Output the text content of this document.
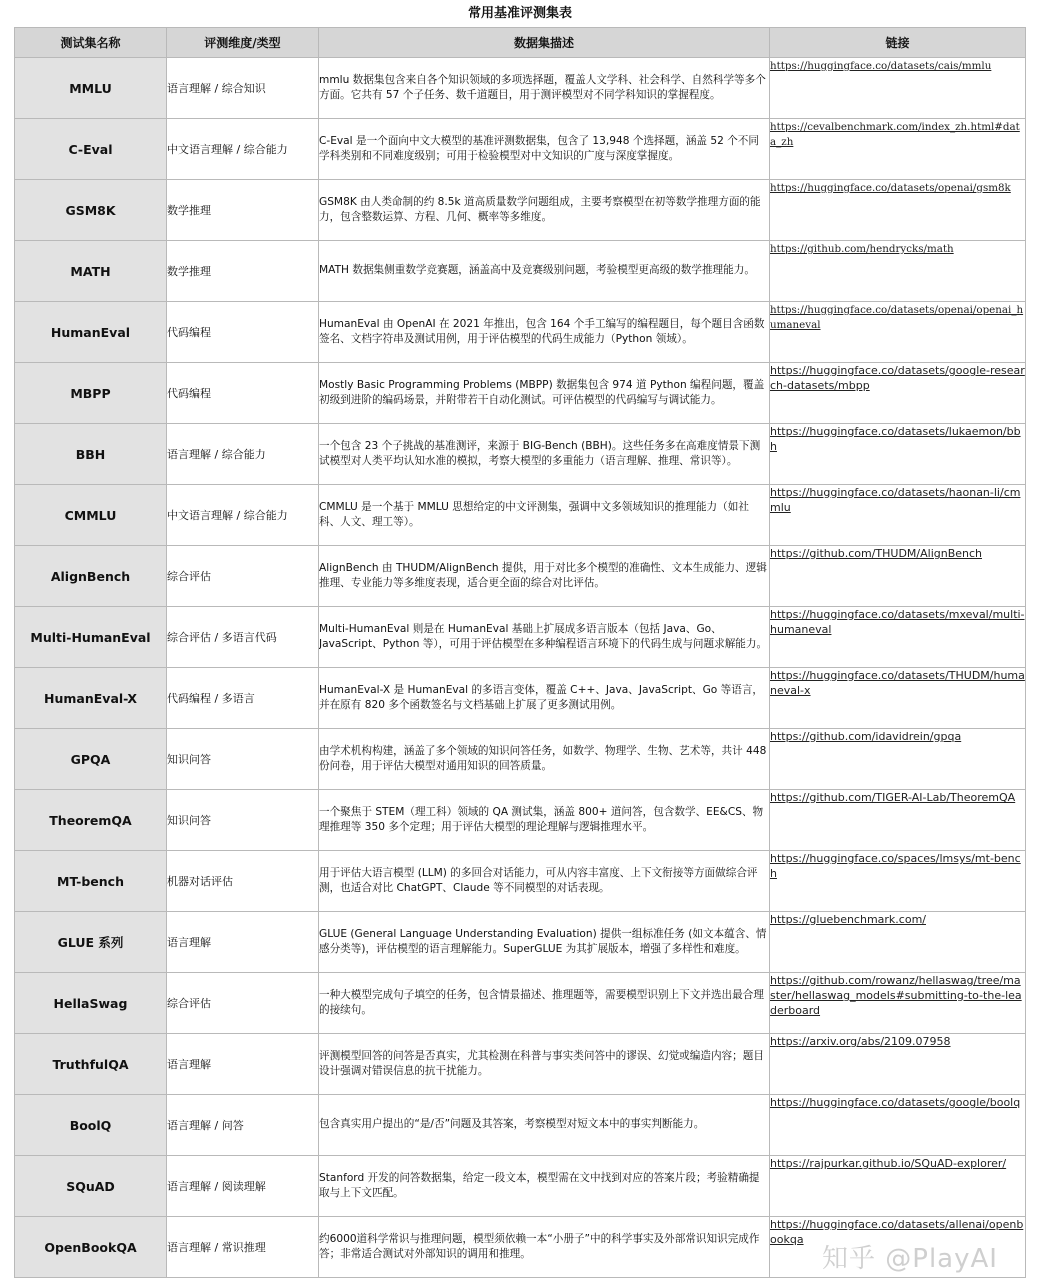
常用基准评测集表
测试集名称	评测维度/类型	数据集描述	链接
MMLU	语言理解 / 综合知识	mmlu 数据集包含来自各个知识领域的多项选择题，覆盖人文学科、社会科学、自然科学等多个方面。它共有 57 个子任务、数千道题目，用于测评模型对不同学科知识的掌握程度。	https://huggingface.co/datasets/cais/mmlu
C-Eval	中文语言理解 / 综合能力	C-Eval 是一个面向中文大模型的基准评测数据集，包含了 13,948 个选择题，涵盖 52 个不同学科类别和不同难度级别；可用于检验模型对中文知识的广度与深度掌握度。	https://cevalbenchmark.com/index_zh.html#data_zh
GSM8K	数学推理	GSM8K 由人类命制的约 8.5k 道高质量数学问题组成，主要考察模型在初等数学推理方面的能力，包含整数运算、方程、几何、概率等多维度。	https://huggingface.co/datasets/openai/gsm8k
MATH	数学推理	MATH 数据集侧重数学竞赛题，涵盖高中及竞赛级别问题，考验模型更高级的数学推理能力。	https://github.com/hendrycks/math
HumanEval	代码编程	HumanEval 由 OpenAI 在 2021 年推出，包含 164 个手工编写的编程题目，每个题目含函数签名、文档字符串及测试用例，用于评估模型的代码生成能力（Python 领域）。	https://huggingface.co/datasets/openai/openai_humaneval
MBPP	代码编程	Mostly Basic Programming Problems (MBPP) 数据集包含 974 道 Python 编程问题，覆盖初级到进阶的编码场景，并附带若干自动化测试。可评估模型的代码编写与调试能力。	https://huggingface.co/datasets/google-research-datasets/mbpp
BBH	语言理解 / 综合能力	一个包含 23 个子挑战的基准测评，来源于 BIG-Bench (BBH)。这些任务多在高难度情景下测试模型对人类平均认知水准的模拟，考察大模型的多重能力（语言理解、推理、常识等）。	https://huggingface.co/datasets/lukaemon/bbh
CMMLU	中文语言理解 / 综合能力	CMMLU 是一个基于 MMLU 思想给定的中文评测集，强调中文多领域知识的推理能力（如社科、人文、理工等）。	https://huggingface.co/datasets/haonan-li/cmmlu
AlignBench	综合评估	AlignBench 由 THUDM/AlignBench 提供，用于对比多个模型的准确性、文本生成能力、逻辑推理、专业能力等多维度表现，适合更全面的综合对比评估。	https://github.com/THUDM/AlignBench
Multi-HumanEval	综合评估 / 多语言代码	Multi-HumanEval 则是在 HumanEval 基础上扩展成多语言版本（包括 Java、Go、JavaScript、Python 等），可用于评估模型在多种编程语言环境下的代码生成与问题求解能力。	https://huggingface.co/datasets/mxeval/multi-humaneval
HumanEval-X	代码编程 / 多语言	HumanEval-X 是 HumanEval 的多语言变体，覆盖 C++、Java、JavaScript、Go 等语言，并在原有 820 多个函数签名与文档基础上扩展了更多测试用例。	https://huggingface.co/datasets/THUDM/humaneval-x
GPQA	知识问答	由学术机构构建，涵盖了多个领域的知识问答任务，如数学、物理学、生物、艺术等，共计 448 份问卷，用于评估大模型对通用知识的回答质量。	https://github.com/idavidrein/gpqa
TheoremQA	知识问答	一个聚焦于 STEM（理工科）领域的 QA 测试集，涵盖 800+ 道问答，包含数学、EE&CS、物理推理等 350 多个定理；用于评估大模型的理论理解与逻辑推理水平。	https://github.com/TIGER-AI-Lab/TheoremQA
MT-bench	机器对话评估	用于评估大语言模型 (LLM) 的多回合对话能力，可从内容丰富度、上下文衔接等方面做综合评测，也适合对比 ChatGPT、Claude 等不同模型的对话表现。	https://huggingface.co/spaces/lmsys/mt-bench
GLUE 系列	语言理解	GLUE (General Language Understanding Evaluation) 提供一组标准任务 (如文本蕴含、情感分类等)，评估模型的语言理解能力。SuperGLUE 为其扩展版本，增强了多样性和难度。	https://gluebenchmark.com/
HellaSwag	综合评估	一种大模型完成句子填空的任务，包含情景描述、推理题等，需要模型识别上下文并选出最合理的接续句。	https://github.com/rowanz/hellaswag/tree/master/hellaswag_models#submitting-to-the-leaderboard
TruthfulQA	语言理解	评测模型回答的问答是否真实，尤其检测在科普与事实类问答中的谬误、幻觉或编造内容；题目设计强调对错误信息的抗干扰能力。	https://arxiv.org/abs/2109.07958
BoolQ	语言理解 / 问答	包含真实用户提出的“是/否”问题及其答案，考察模型对短文本中的事实判断能力。	https://huggingface.co/datasets/google/boolq
SQuAD	语言理解 / 阅读理解	Stanford 开发的问答数据集，给定一段文本，模型需在文中找到对应的答案片段；考验精确提取与上下文匹配。	https://rajpurkar.github.io/SQuAD-explorer/
OpenBookQA	语言理解 / 常识推理	约6000道科学常识与推理问题，模型须依赖一本“小册子”中的科学事实及外部常识知识完成作答；非常适合测试对外部知识的调用和推理。	https://huggingface.co/datasets/allenai/openbookqa
知乎 @PlayAI
